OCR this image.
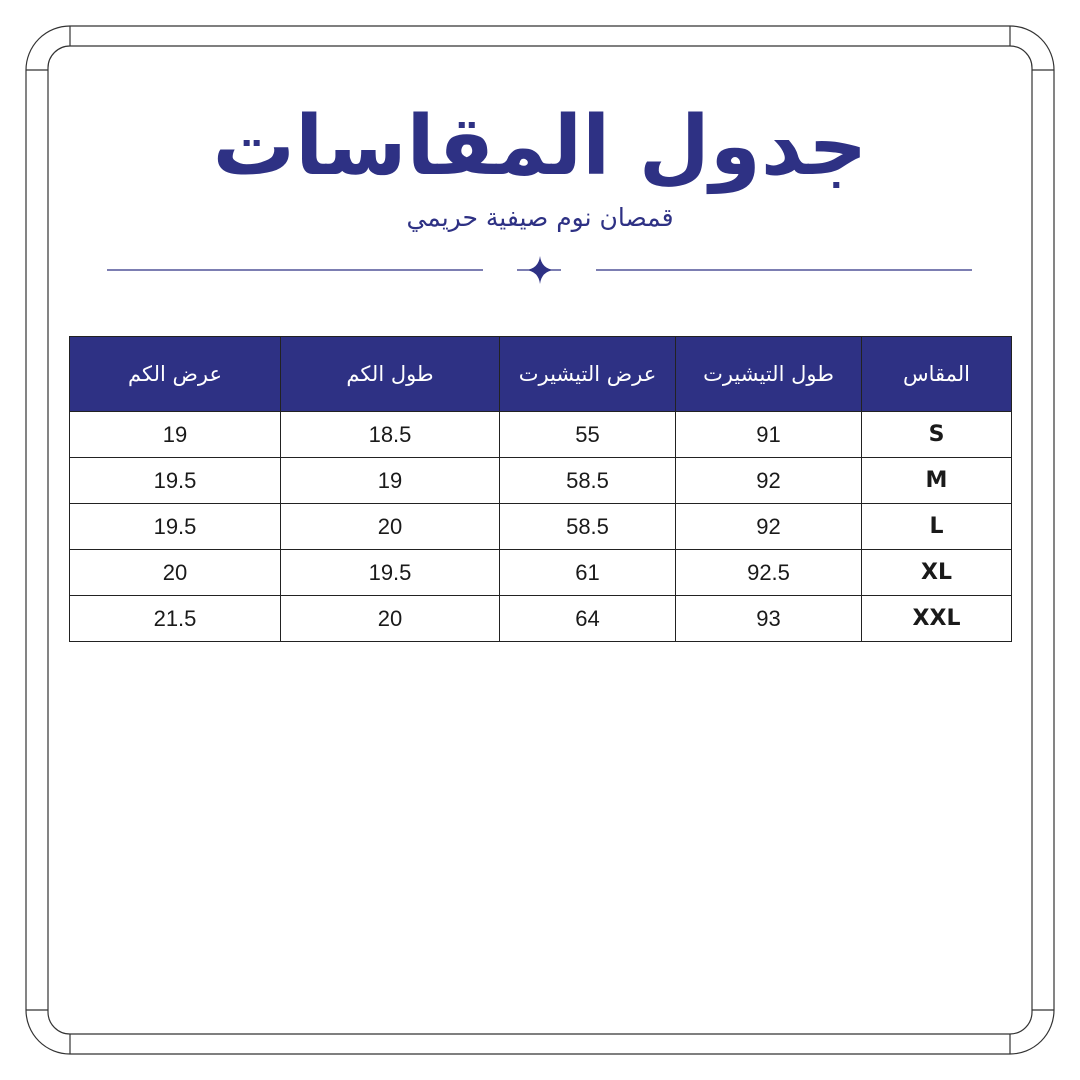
جدول المقاسات

قمصان نوم صيفية حريمي

المقاس	طول التيشيرت	عرض التيشيرت	طول الكم	عرض الكم
S	91	55	18.5	19
M	92	58.5	19	19.5
L	92	58.5	20	19.5
XL	92.5	61	19.5	20
XXL	93	64	20	21.5
